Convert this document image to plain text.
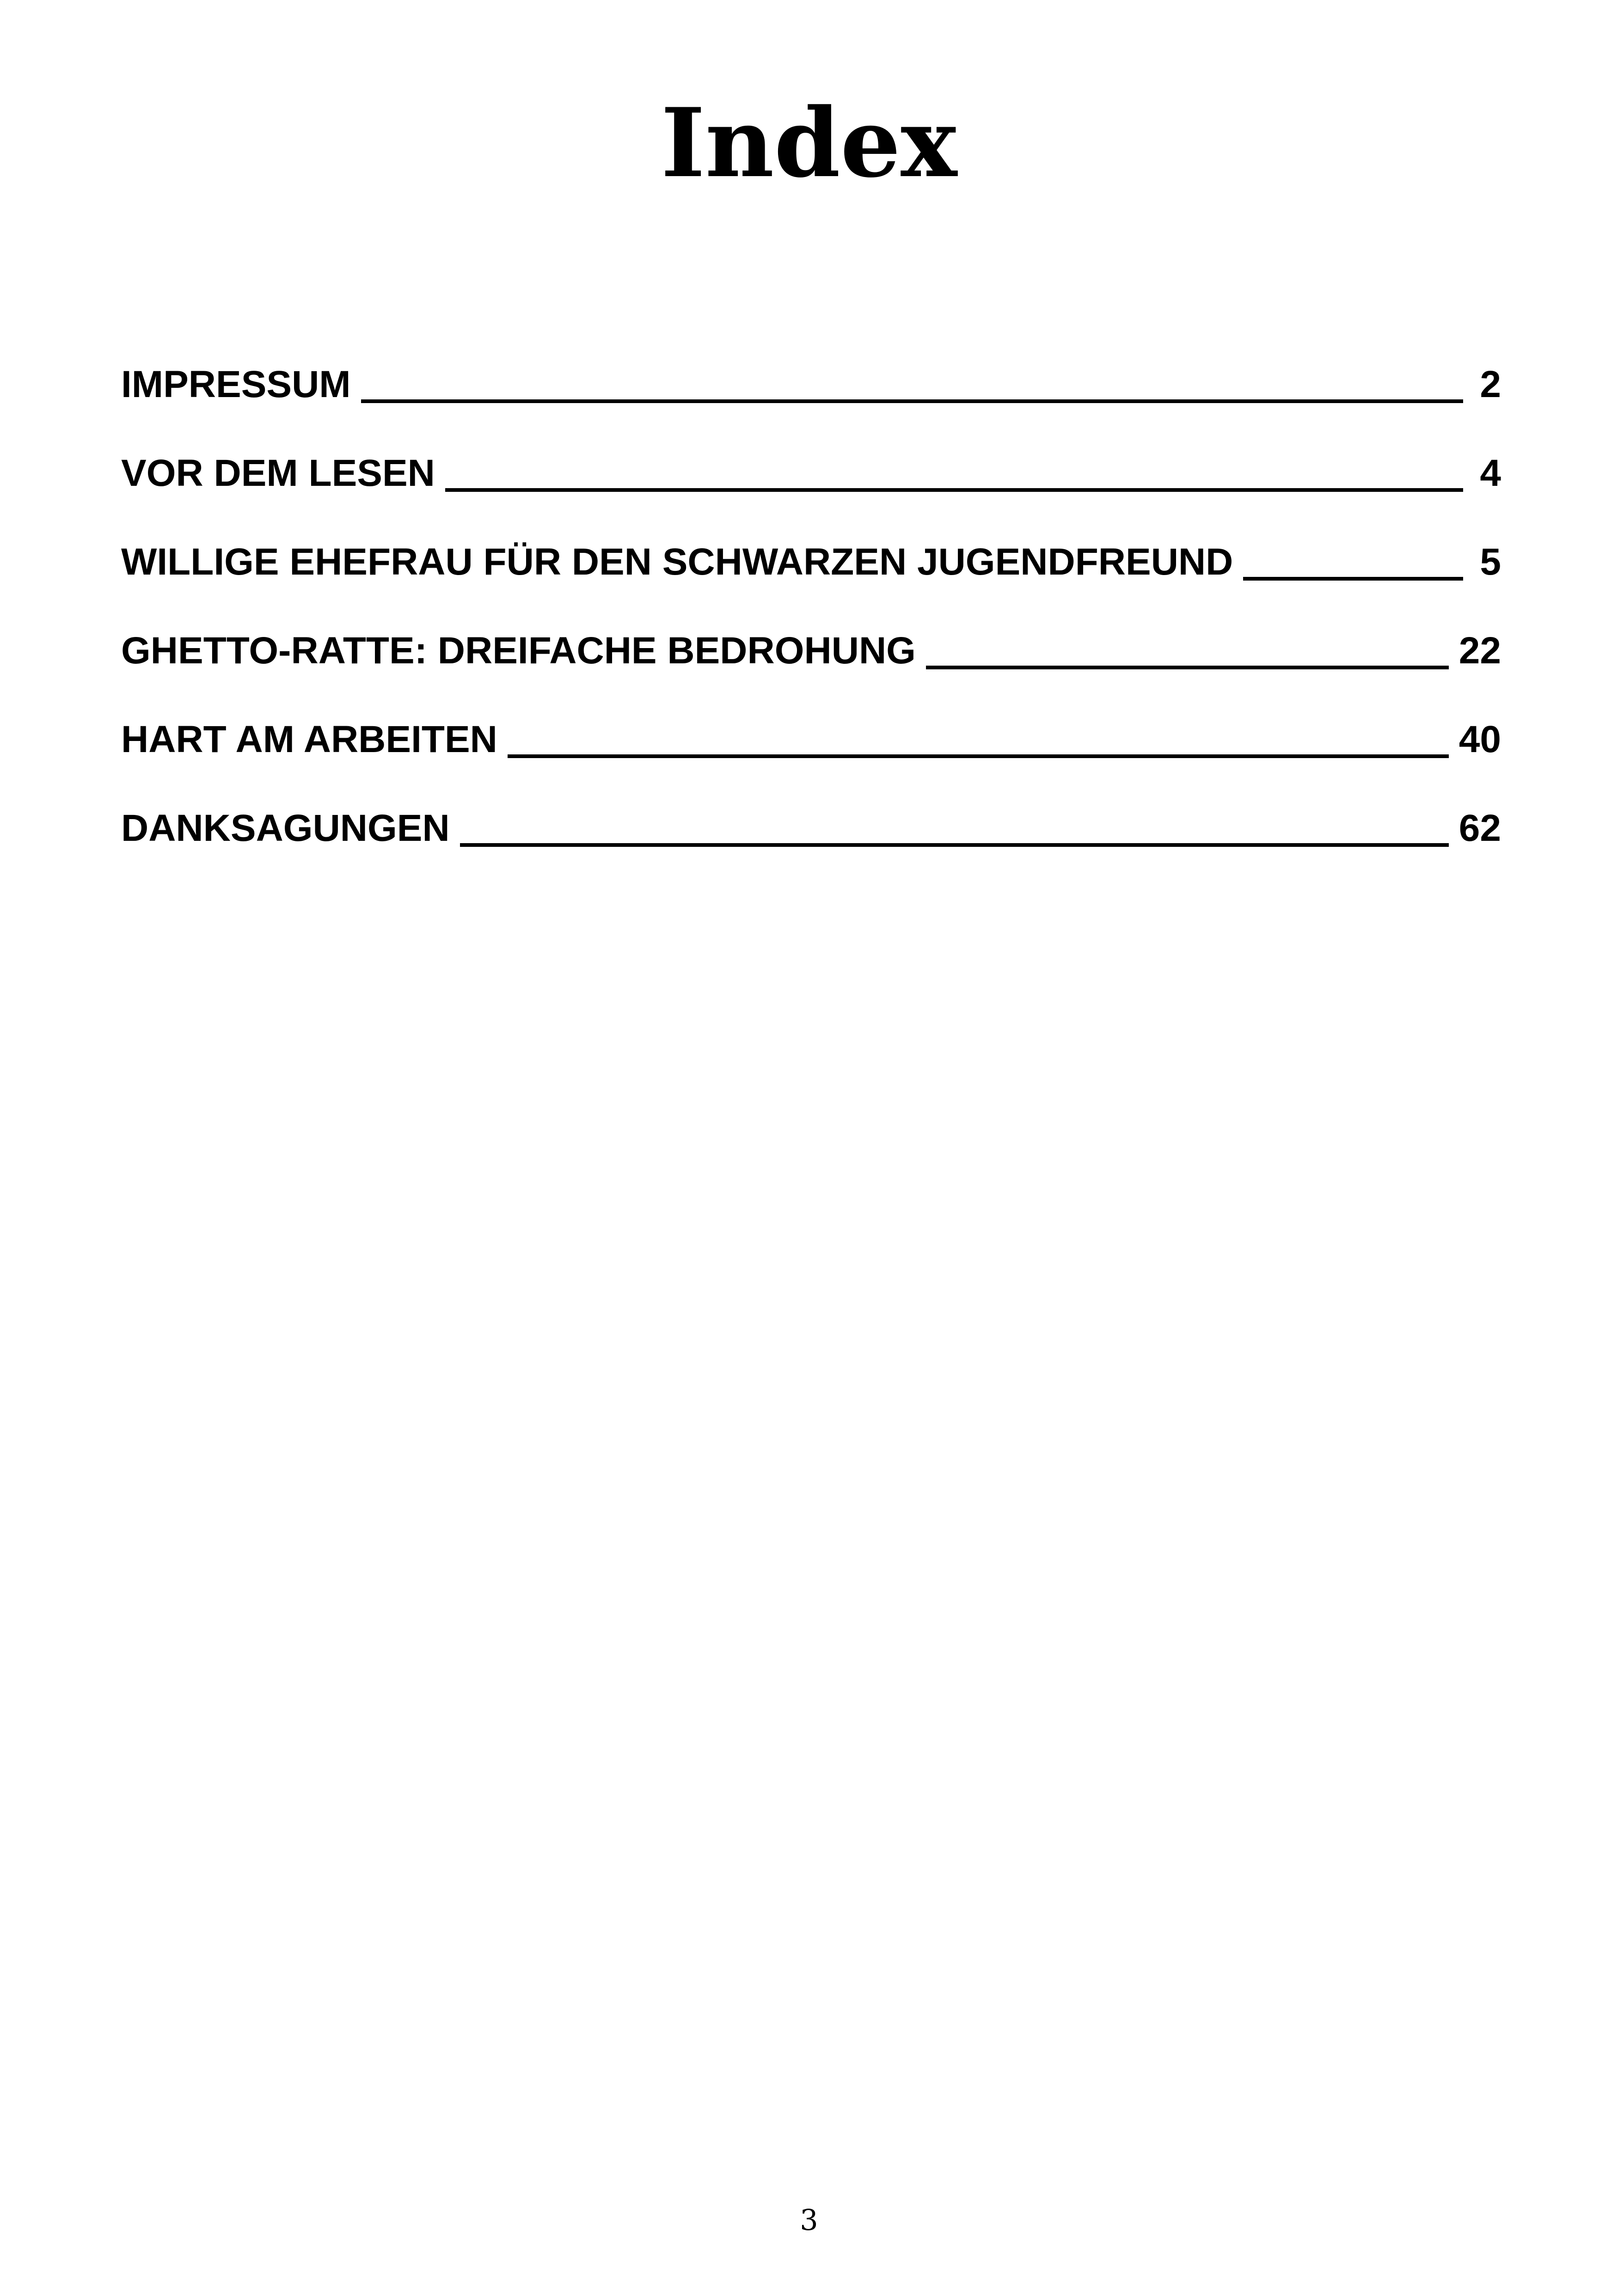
Index
IMPRESSUM	2
VOR DEM LESEN	4
WILLIGE EHEFRAU FÜR DEN SCHWARZEN JUGENDFREUND	5
GHETTO-RATTE: DREIFACHE BEDROHUNG	22
HART AM ARBEITEN	40
DANKSAGUNGEN	62
3
